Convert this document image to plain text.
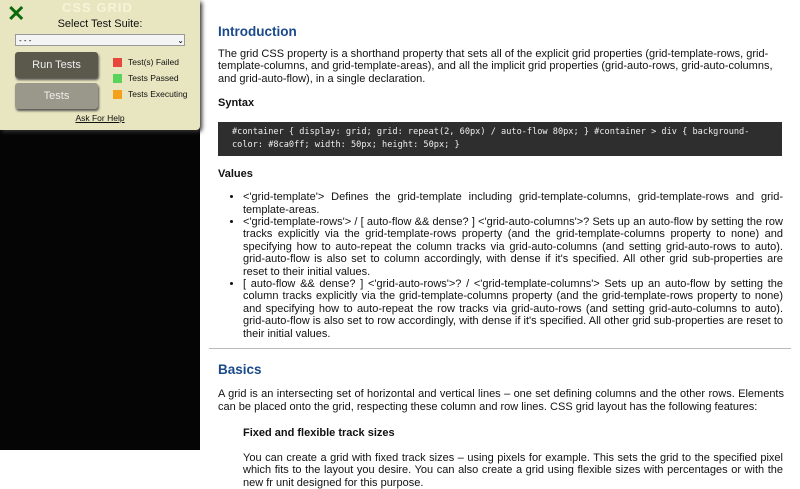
✕	CSS GRID
Select Test Suite:
- - -	⌄
Run Tests
Tests
Test(s) Failed
Tests Passed
Tests Executing
Ask For Help
Introduction

The grid CSS property is a shorthand property that sets all of the explicit grid properties (grid-template-rows, grid-template-columns, and grid-template-areas), and all the implicit grid properties (grid-auto-rows, grid-auto-columns, and grid-auto-flow), in a single declaration.

Syntax
#container { display: grid; grid: repeat(2, 60px) / auto-flow 80px; } #container > div { background-color: #8ca0ff; width: 50px; height: 50px; }
Values
• <'grid-template'> Defines the grid-template including grid-template-columns, grid-template-rows and grid-template-areas.
• <'grid-template-rows'> / [ auto-flow && dense? ] <'grid-auto-columns'>? Sets up an auto-flow by setting the row tracks explicitly via the grid-template-rows property (and the grid-template-columns property to none) and specifying how to auto-repeat the column tracks via grid-auto-columns (and setting grid-auto-rows to auto). grid-auto-flow is also set to column accordingly, with dense if it's specified. All other grid sub-properties are reset to their initial values.
• [ auto-flow && dense? ] <'grid-auto-rows'>? / <'grid-template-columns'> Sets up an auto-flow by setting the column tracks explicitly via the grid-template-columns property (and the grid-template-rows property to none) and specifying how to auto-repeat the row tracks via grid-auto-rows (and setting grid-auto-columns to auto). grid-auto-flow is also set to row accordingly, with dense if it's specified. All other grid sub-properties are reset to their initial values.
Basics

A grid is an intersecting set of horizontal and vertical lines – one set defining columns and the other rows. Elements can be placed onto the grid, respecting these column and row lines. CSS grid layout has the following features:

Fixed and flexible track sizes
You can create a grid with fixed track sizes – using pixels for example. This sets the grid to the specified pixel which fits to the layout you desire. You can also create a grid using flexible sizes with percentages or with the new fr unit designed for this purpose.
